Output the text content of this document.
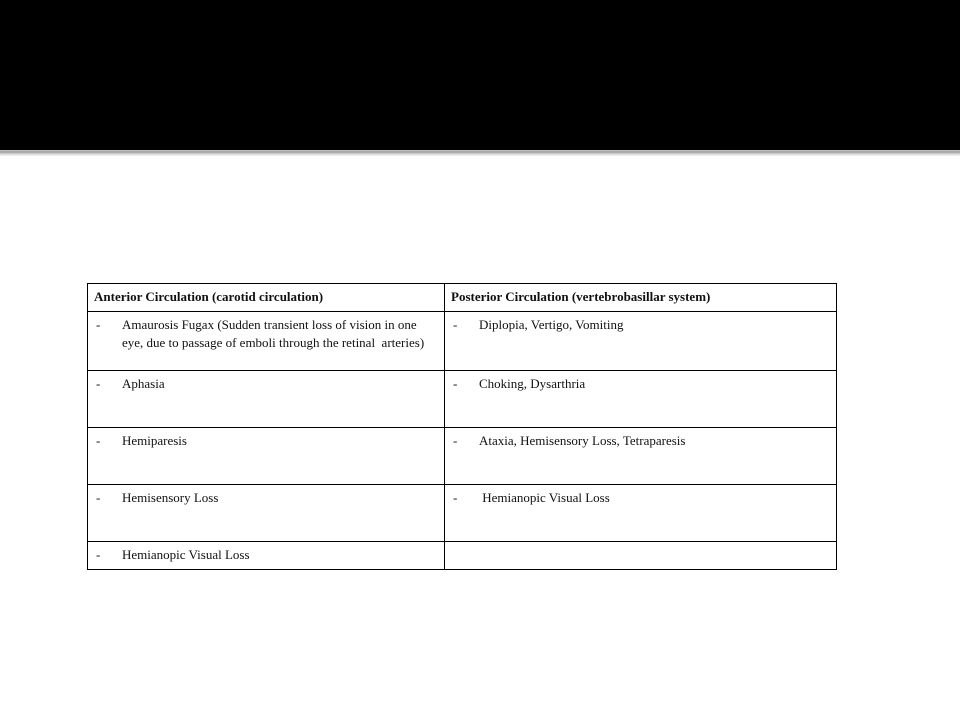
Anterior Circulation (carotid circulation)	Posterior Circulation (vertebrobasillar system)

- Amaurosis Fugax (Sudden transient loss of vision in one eye, due to passage of emboli through the retinal  arteries)	- Diplopia, Vertigo, Vomiting

- Aphasia	- Choking, Dysarthria

- Hemiparesis	- Ataxia, Hemisensory Loss, Tetraparesis

- Hemisensory Loss	- Hemianopic Visual Loss

- Hemianopic Visual Loss	
